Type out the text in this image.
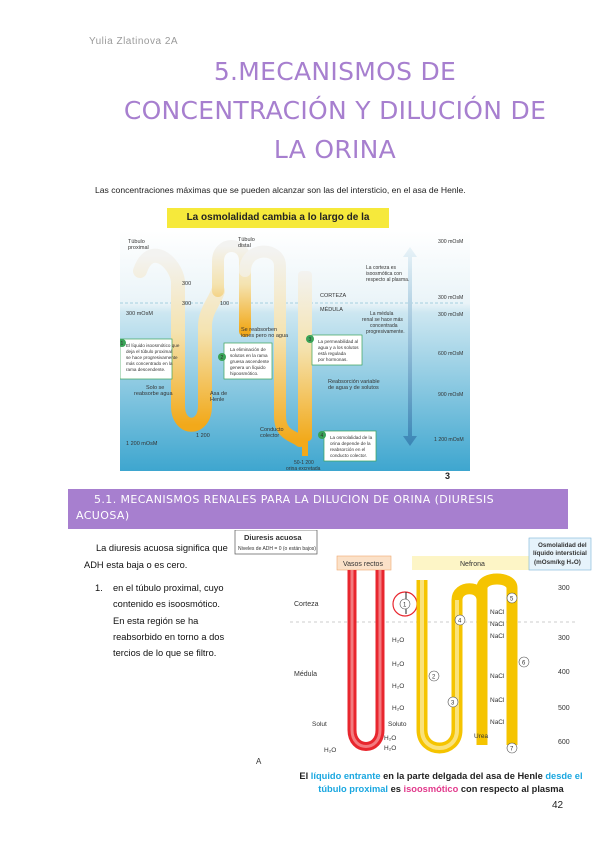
Yulia Zlatinova 2A
5.MECANISMOS DE
CONCENTRACIÓN Y DILUCIÓN DE
LA ORINA
Las concentraciones máximas que se pueden alcanzar son las del intersticio, en el asa de Henle.
La osmolalidad cambia a lo largo de la
Túbulo
proximal
Túbulo
distal
CORTEZA
MÉDULA
Asa de
Henle
Conducto
colector
50-1 200
orina excretada
Solo se
reabsorbe agua
Se reabsorben
iones pero no agua
Reabsorción variable
de agua y de solutos
La corteza es
isoosmótica con
respecto al plasma.
La médula
renal se hace más
concentrada
progresivamente.
300
100
300
1 200
300 mOsM
1 200 mOsM
300 mOsM
300 mOsM
300 mOsM
600 mOsM
900 mOsM
1 200 mOsM
El líquido isoosmótico que
deja el túbulo proximal
se hace progresivamente
más concentrado en la
rama descendente.
La eliminación de
solutos en la rama
gruesa ascendente
genera un líquido
hipoosmótico.
La permeabilidad al
agua y a los solutos
está regulada
por hormonas.
La osmolalidad de la
orina depende de la
reabsorción en el
conducto colector.
1
2
3
4
3
5.1. MECANISMOS RENALES PARA LA DILUCION DE ORINA (DIURESIS
ACUOSA)
La diuresis acuosa significa que ADH esta baja o es cero.
1.	en el túbulo proximal, cuyo contenido es isoosmótico. En esta región se ha reabsorbido en torno a dos tercios de lo que se filtro.
Diuresis acuosa
Niveles de ADH = 0 (o están bajos)
Vasos rectos	Nefrona
Osmolalidad del
líquido intersticial
(mOsm/kg H₂O)
Corteza
Médula
300
300
400
500
600
H₂O
H₂O
H₂O
H₂O
H₂O
H₂O	H₂O
Solut	Soluto
NaCl
NaCl
NaCl
NaCl
NaCl
NaCl
Urea
1
2
3
4
5
6
7
A
El líquido entrante en la parte delgada del asa de Henle desde el túbulo proximal es isoosmótico con respecto al plasma
42
